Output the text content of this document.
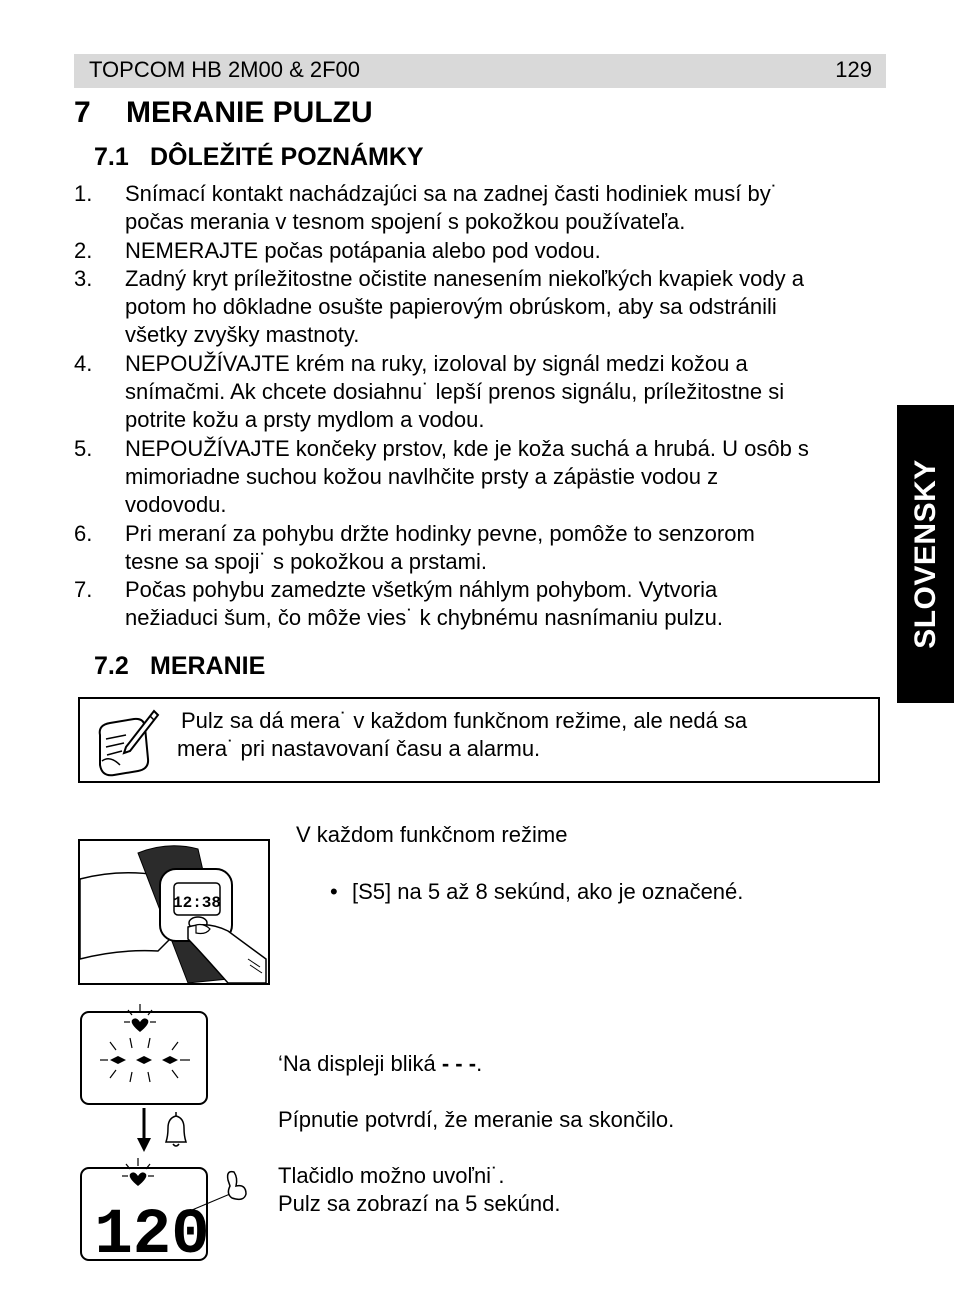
TOPCOM HB 2M00 & 2F00	129
7 MERANIE PULZU
7.1 DÔLEŽITÉ POZNÁMKY
1. Snímací kontakt nachádzajúci sa na zadnej časti hodiniek musí by˙
počas merania v tesnom spojení s pokožkou používateľa.
2. NEMERAJTE počas potápania alebo pod vodou.
3. Zadný kryt príležitostne očistite nanesením niekoľkých kvapiek vody a
potom ho dôkladne osušte papierovým obrúskom, aby sa odstránili
všetky zvyšky mastnoty.
4. NEPOUŽÍVAJTE krém na ruky, izoloval by signál medzi kožou a
snímačmi. Ak chcete dosiahnu˙ lepší prenos signálu, príležitostne si
potrite kožu a prsty mydlom a vodou.
5. NEPOUŽÍVAJTE končeky prstov, kde je koža suchá a hrubá. U osôb s
mimoriadne suchou kožou navlhčite prsty a zápästie vodou z
vodovodu.
6. Pri meraní za pohybu držte hodinky pevne, pomôže to senzorom
tesne sa spoji˙ s pokožkou a prstami.
7. Počas pohybu zamedzte všetkým náhlym pohybom. Vytvoria
nežiaduci šum, čo môže vies˙ k chybnému nasnímaniu pulzu.
7.2 MERANIE
Pulz sa dá mera˙ v každom funkčnom režime, ale nedá sa
mera˙ pri nastavovaní času a alarmu.
12:38
V každom funkčnom režime
• [S5] na 5 až 8 sekúnd, ako je označené.
120
‘Na displeji bliká - - -.
Pípnutie potvrdí, že meranie sa skončilo.
Tlačidlo možno uvoľni˙.
Pulz sa zobrazí na 5 sekúnd.
SLOVENSKY
